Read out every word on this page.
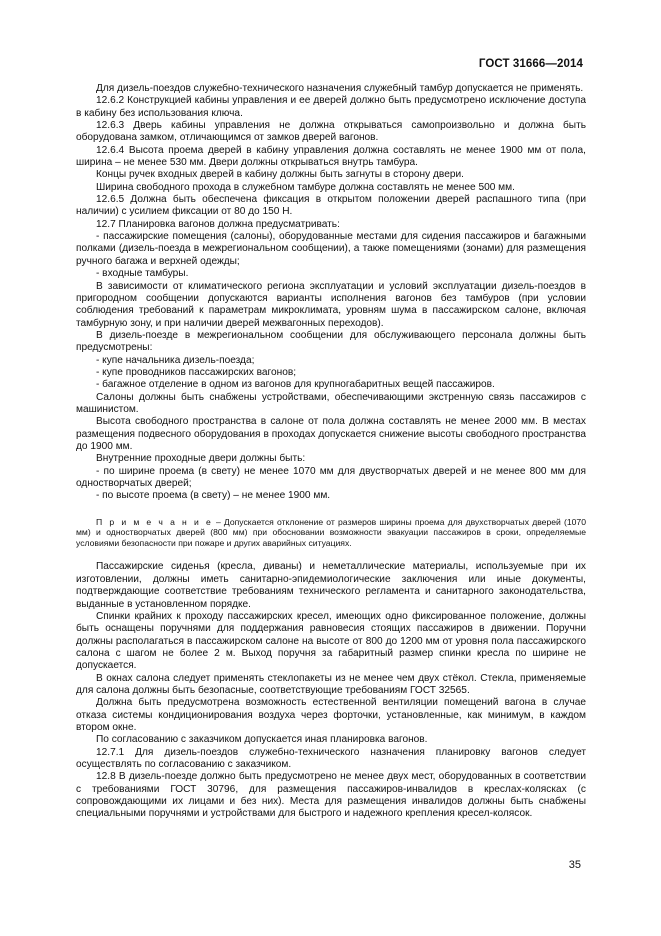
ГОСТ 31666—2014

Для дизель-поездов служебно-технического назначения служебный тамбур допускается не применять.

12.6.2 Конструкцией кабины управления и ее дверей должно быть предусмотрено исключение доступа в кабину без использования ключа.

12.6.3 Дверь кабины управления не должна открываться самопроизвольно и должна быть оборудована замком, отличающимся от замков дверей вагонов.

12.6.4 Высота проема дверей в кабину управления должна составлять не менее 1900 мм от пола, ширина – не менее 530 мм. Двери должны открываться внутрь тамбура.

Концы ручек входных дверей в кабину должны быть загнуты в сторону двери.

Ширина свободного прохода в служебном тамбуре должна составлять не менее 500 мм.

12.6.5 Должна быть обеспечена фиксация в открытом положении дверей распашного типа (при наличии) с усилием фиксации от 80 до 150 Н.

12.7 Планировка вагонов должна предусматривать:

- пассажирские помещения (салоны), оборудованные местами для сидения пассажиров и багажными полками (дизель-поезда в межрегиональном сообщении), а также помещениями (зонами) для размещения ручного багажа и верхней одежды;

- входные тамбуры.

В зависимости от климатического региона эксплуатации и условий эксплуатации дизель-поездов в пригородном сообщении допускаются варианты исполнения вагонов без тамбуров (при условии соблюдения требований к параметрам микроклимата, уровням шума в пассажирском салоне, включая тамбурную зону, и при наличии дверей межвагонных переходов).

В дизель-поезде в межрегиональном сообщении для обслуживающего персонала должны быть предусмотрены:

- купе начальника дизель-поезда;

- купе проводников пассажирских вагонов;

- багажное отделение в одном из вагонов для крупногабаритных вещей пассажиров.

Салоны должны быть снабжены устройствами, обеспечивающими экстренную связь пассажиров с машинистом.

Высота свободного пространства в салоне от пола должна составлять не менее 2000 мм. В местах размещения подвесного оборудования в проходах допускается снижение высоты свободного пространства до 1900 мм.

Внутренние проходные двери должны быть:

- по ширине проема (в свету) не менее 1070 мм для двустворчатых дверей и не менее 800 мм для одностворчатых дверей;

- по высоте проема (в свету) – не менее 1900 мм.

П р и м е ч а н и е – Допускается отклонение от размеров ширины проема для двухстворчатых дверей (1070 мм) и одностворчатых дверей (800 мм) при обосновании возможности эвакуации пассажиров в сроки, определяемые условиями безопасности при пожаре и других аварийных ситуациях.

Пассажирские сиденья (кресла, диваны) и неметаллические материалы, используемые при их изготовлении, должны иметь санитарно-эпидемиологические заключения или иные документы, подтверждающие соответствие требованиям технического регламента и санитарного законодательства, выданные в установленном порядке.

Спинки крайних к проходу пассажирских кресел, имеющих одно фиксированное положение, должны быть оснащены поручнями для поддержания равновесия стоящих пассажиров в движении. Поручни должны располагаться в пассажирском салоне на высоте от 800 до 1200 мм от уровня пола пассажирского салона с шагом не более 2 м. Выход поручня за габаритный размер спинки кресла по ширине не допускается.

В окнах салона следует применять стеклопакеты из не менее чем двух стёкол. Стекла, применяемые для салона должны быть безопасные, соответствующие требованиям ГОСТ 32565.

Должна быть предусмотрена возможность естественной вентиляции помещений вагона в случае отказа системы кондиционирования воздуха через форточки, установленные, как минимум, в каждом втором окне.

По согласованию с заказчиком допускается иная планировка вагонов.

12.7.1 Для дизель-поездов служебно-технического назначения планировку вагонов следует осуществлять по согласованию с заказчиком.

12.8 В дизель-поезде должно быть предусмотрено не менее двух мест, оборудованных в соответствии с требованиями ГОСТ 30796, для размещения пассажиров-инвалидов в креслах-колясках (с сопровождающими их лицами и без них). Места для размещения инвалидов должны быть снабжены специальными поручнями и устройствами для быстрого и надежного крепления кресел-колясок.

35
